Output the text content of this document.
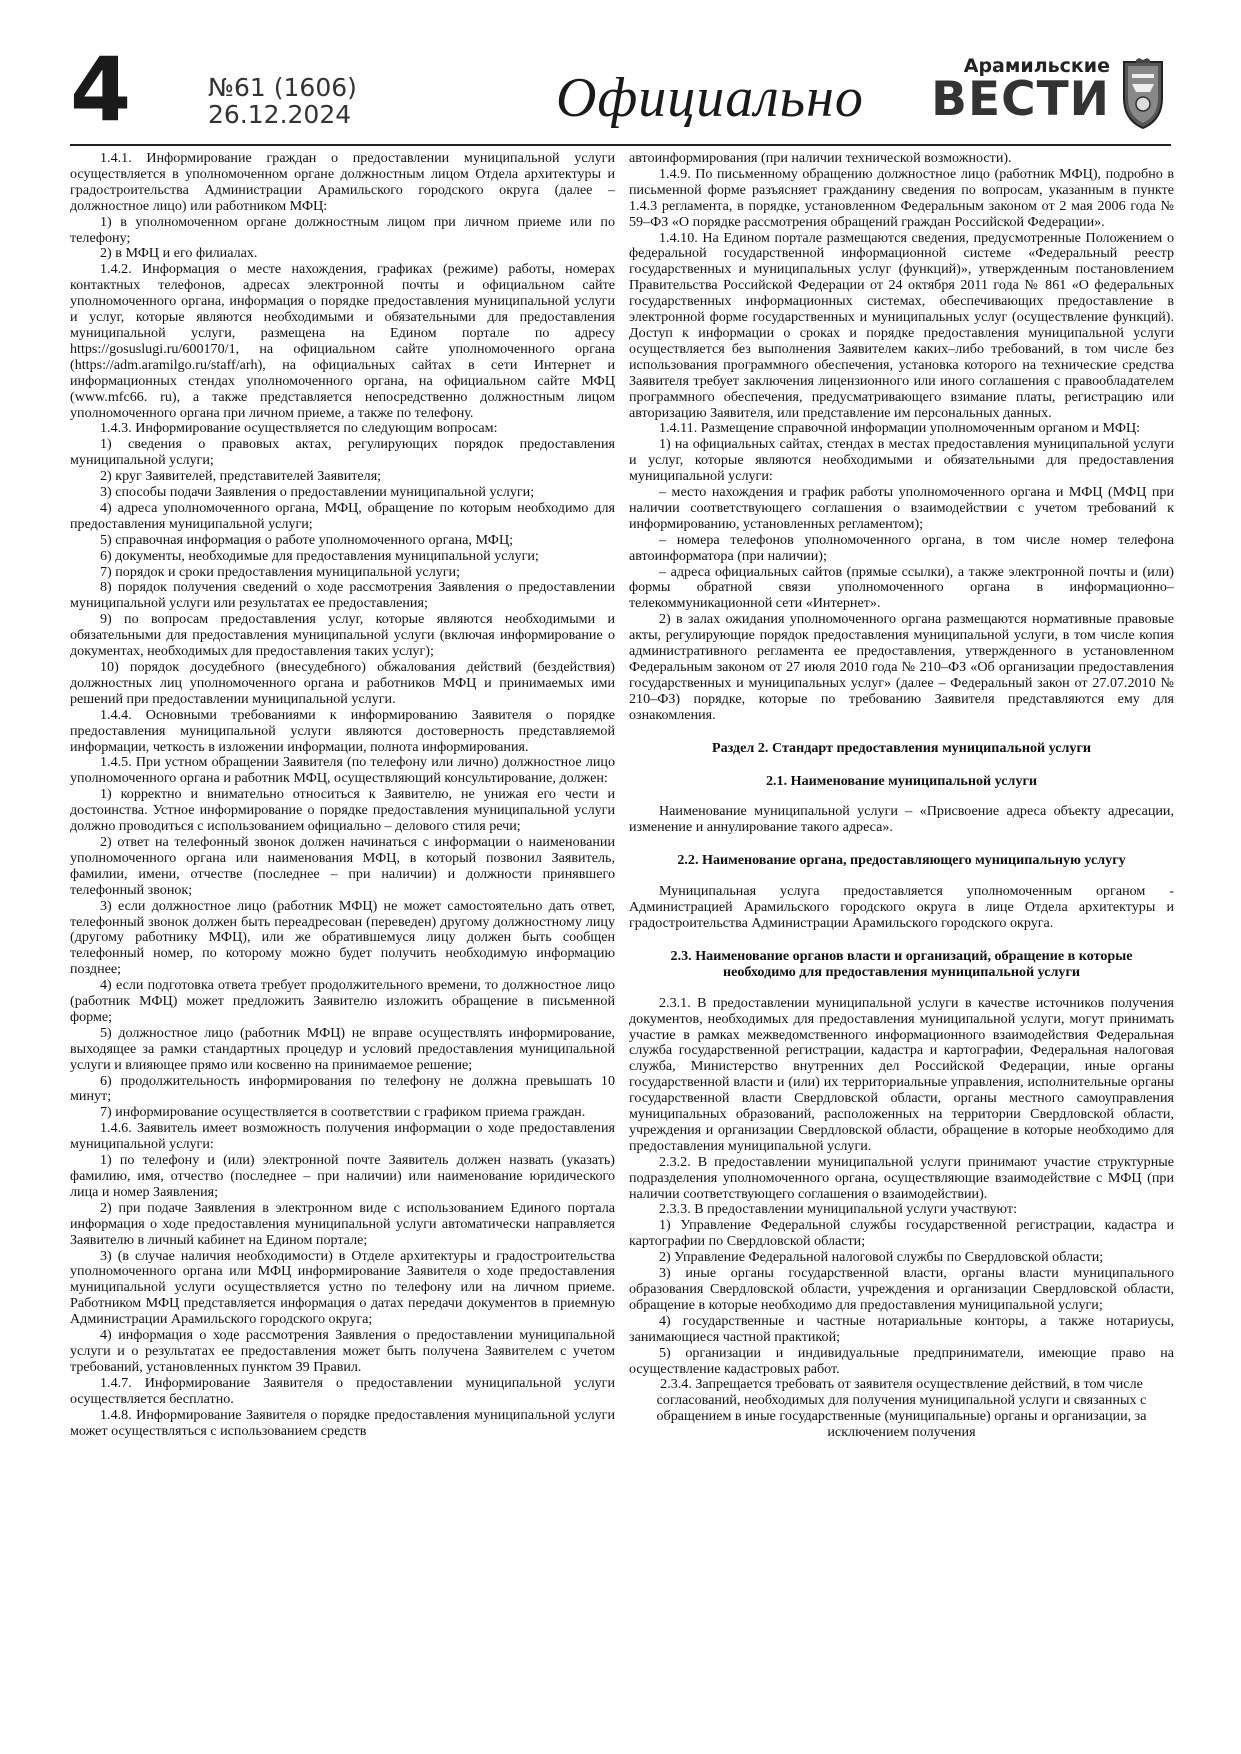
4	№61 (1606)
26.12.2024	Официально
Арамильские
ВЕСТИ

1.4.1. Информирование граждан о предоставлении муниципальной услуги осуществляется в уполномоченном органе должностным лицом Отдела архитектуры и градостроительства Администрации Арамильского городского округа (далее – должностное лицо) или работником МФЦ:

1) в уполномоченном органе должностным лицом при личном приеме или по телефону;

2) в МФЦ и его филиалах.

1.4.2. Информация о месте нахождения, графиках (режиме) работы, номерах контактных телефонов, адресах электронной почты и официальном сайте уполномоченного органа, информация о порядке предоставления муниципальной услуги и услуг, которые являются необходимыми и обязательными для предоставления муниципальной услуги, размещена на Едином портале по адресу https://gosuslugi.ru/600170/1, на официальном сайте уполномоченного органа (https://adm.aramilgo.ru/staff/arh), на официальных сайтах в сети Интернет и информационных стендах уполномоченного органа, на официальном сайте МФЦ (www.mfc66. ru), а также представляется непосредственно должностным лицом уполномоченного органа при личном приеме, а также по телефону.

1.4.3. Информирование осуществляется по следующим вопросам:

1) сведения о правовых актах, регулирующих порядок предоставления муниципальной услуги;

2) круг Заявителей, представителей Заявителя;

3) способы подачи Заявления о предоставлении муниципальной услуги;

4) адреса уполномоченного органа, МФЦ, обращение по которым необходимо для предоставления муниципальной услуги;

5) справочная информация о работе уполномоченного органа, МФЦ;

6) документы, необходимые для предоставления муниципальной услуги;

7) порядок и сроки предоставления муниципальной услуги;

8) порядок получения сведений о ходе рассмотрения Заявления о предоставлении муниципальной услуги или результатах ее предоставления;

9) по вопросам предоставления услуг, которые являются необходимыми и обязательными для предоставления муниципальной услуги (включая информирование о документах, необходимых для предоставления таких услуг);

10) порядок досудебного (внесудебного) обжалования действий (бездействия) должностных лиц уполномоченного органа и работников МФЦ и принимаемых ими решений при предоставлении муниципальной услуги.

1.4.4. Основными требованиями к информированию Заявителя о порядке предоставления муниципальной услуги являются достоверность представляемой информации, четкость в изложении информации, полнота информирования.

1.4.5. При устном обращении Заявителя (по телефону или лично) должностное лицо уполномоченного органа и работник МФЦ, осуществляющий консультирование, должен:

1) корректно и внимательно относиться к Заявителю, не унижая его чести и достоинства. Устное информирование о порядке предоставления муниципальной услуги должно проводиться с использованием официально – делового стиля речи;

2) ответ на телефонный звонок должен начинаться с информации о наименовании уполномоченного органа или наименования МФЦ, в который позвонил Заявитель, фамилии, имени, отчестве (последнее – при наличии) и должности принявшего телефонный звонок;

3) если должностное лицо (работник МФЦ) не может самостоятельно дать ответ, телефонный звонок должен быть переадресован (переведен) другому должностному лицу (другому работнику МФЦ), или же обратившемуся лицу должен быть сообщен телефонный номер, по которому можно будет получить необходимую информацию позднее;

4) если подготовка ответа требует продолжительного времени, то должностное лицо (работник МФЦ) может предложить Заявителю изложить обращение в письменной форме;

5) должностное лицо (работник МФЦ) не вправе осуществлять информирование, выходящее за рамки стандартных процедур и условий предоставления муниципальной услуги и влияющее прямо или косвенно на принимаемое решение;

6) продолжительность информирования по телефону не должна превышать 10 минут;

7) информирование осуществляется в соответствии с графиком приема граждан.

1.4.6. Заявитель имеет возможность получения информации о ходе предоставления муниципальной услуги:

1) по телефону и (или) электронной почте Заявитель должен назвать (указать) фамилию, имя, отчество (последнее – при наличии) или наименование юридического лица и номер Заявления;

2) при подаче Заявления в электронном виде с использованием Единого портала информация о ходе предоставления муниципальной услуги автоматически направляется Заявителю в личный кабинет на Едином портале;

3) (в случае наличия необходимости) в Отделе архитектуры и градостроительства уполномоченного органа или МФЦ информирование Заявителя о ходе предоставления муниципальной услуги осуществляется устно по телефону или на личном приеме. Работником МФЦ представляется информация о датах передачи документов в приемную Администрации Арамильского городского округа;

4) информация о ходе рассмотрения Заявления о предоставлении муниципальной услуги и о результатах ее предоставления может быть получена Заявителем с учетом требований, установленных пунктом 39 Правил.

1.4.7. Информирование Заявителя о предоставлении муниципальной услуги осуществляется бесплатно.

1.4.8. Информирование Заявителя о порядке предоставления муниципальной услуги может осуществляться с использованием средств

автоинформирования (при наличии технической возможности).

1.4.9. По письменному обращению должностное лицо (работник МФЦ), подробно в письменной форме разъясняет гражданину сведения по вопросам, указанным в пункте 1.4.3 регламента, в порядке, установленном Федеральным законом от 2 мая 2006 года № 59–ФЗ «О порядке рассмотрения обращений граждан Российской Федерации».

1.4.10. На Едином портале размещаются сведения, предусмотренные Положением о федеральной государственной информационной системе «Федеральный реестр государственных и муниципальных услуг (функций)», утвержденным постановлением Правительства Российской Федерации от 24 октября 2011 года № 861 «О федеральных государственных информационных системах, обеспечивающих предоставление в электронной форме государственных и муниципальных услуг (осуществление функций). Доступ к информации о сроках и порядке предоставления муниципальной услуги осуществляется без выполнения Заявителем каких–либо требований, в том числе без использования программного обеспечения, установка которого на технические средства Заявителя требует заключения лицензионного или иного соглашения с правообладателем программного обеспечения, предусматривающего взимание платы, регистрацию или авторизацию Заявителя, или представление им персональных данных.

1.4.11. Размещение справочной информации уполномоченным органом и МФЦ:

1) на официальных сайтах, стендах в местах предоставления муниципальной услуги и услуг, которые являются необходимыми и обязательными для предоставления муниципальной услуги:

– место нахождения и график работы уполномоченного органа и МФЦ (МФЦ при наличии соответствующего соглашения о взаимодействии с учетом требований к информированию, установленных регламентом);

– номера телефонов уполномоченного органа, в том числе номер телефона автоинформатора (при наличии);

– адреса официальных сайтов (прямые ссылки), а также электронной почты и (или) формы обратной связи уполномоченного органа в информационно–телекоммуникационной сети «Интернет».

2) в залах ожидания уполномоченного органа размещаются нормативные правовые акты, регулирующие порядок предоставления муниципальной услуги, в том числе копия административного регламента ее предоставления, утвержденного в установленном Федеральным законом от 27 июля 2010 года № 210–ФЗ «Об организации предоставления государственных и муниципальных услуг» (далее – Федеральный закон от 27.07.2010 № 210–ФЗ) порядке, которые по требованию Заявителя представляются ему для ознакомления.

Раздел 2. Стандарт предоставления муниципальной услуги
2.1. Наименование муниципальной услуги

Наименование муниципальной услуги – «Присвоение адреса объекту адресации, изменение и аннулирование такого адреса».

2.2. Наименование органа, предоставляющего муниципальную услугу

Муниципальная услуга предоставляется уполномоченным органом - Администрацией Арамильского городского округа в лице Отдела архитектуры и градостроительства Администрации Арамильского городского округа.

2.3. Наименование органов власти и организаций, обращение в которые необходимо для предоставления муниципальной услуги

2.3.1. В предоставлении муниципальной услуги в качестве источников получения документов, необходимых для предоставления муниципальной услуги, могут принимать участие в рамках межведомственного информационного взаимодействия Федеральная служба государственной регистрации, кадастра и картографии, Федеральная налоговая служба, Министерство внутренних дел Российской Федерации, иные органы государственной власти и (или) их территориальные управления, исполнительные органы государственной власти Свердловской области, органы местного самоуправления муниципальных образований, расположенных на территории Свердловской области, учреждения и организации Свердловской области, обращение в которые необходимо для предоставления муниципальной услуги.

2.3.2. В предоставлении муниципальной услуги принимают участие структурные подразделения уполномоченного органа, осуществляющие взаимодействие с МФЦ (при наличии соответствующего соглашения о взаимодействии).

2.3.3. В предоставлении муниципальной услуги участвуют:

1) Управление Федеральной службы государственной регистрации, кадастра и картографии по Свердловской области;

2) Управление Федеральной налоговой службы по Свердловской области;

3) иные органы государственной власти, органы власти муниципального образования Свердловской области, учреждения и организации Свердловской области, обращение в которые необходимо для предоставления муниципальной услуги;

4) государственные и частные нотариальные конторы, а также нотариусы, занимающиеся частной практикой;

5) организации и индивидуальные предприниматели, имеющие право на осуществление кадастровых работ.

2.3.4. Запрещается требовать от заявителя осуществление действий, в том числе согласований, необходимых для получения муниципальной услуги и связанных с обращением в иные государственные (муниципальные) органы и организации, за исключением получения
